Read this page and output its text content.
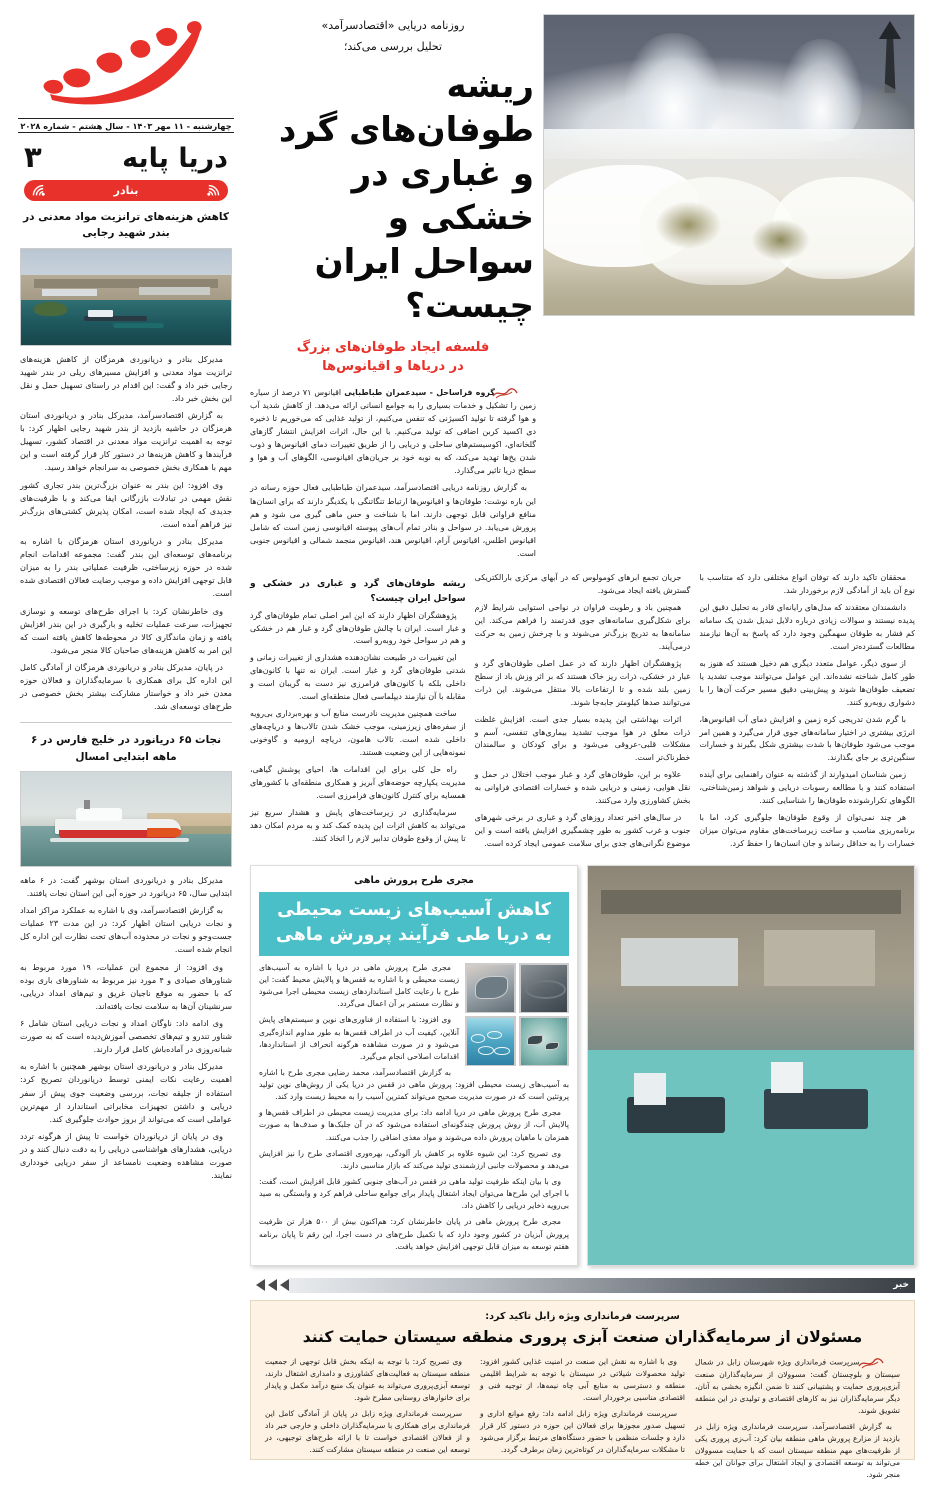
چهارشنبه - ۱۱ مهر ۱۴۰۳ - سال هشتم - شماره ۲۰۲۸
دریا پایه
۳
بنادر
کاهش هزینه‌های ترانزیت مواد معدنی در بندر شهید رجایی

مدیرکل بنادر و دریانوردی هرمزگان از کاهش هزینه‌های ترانزیت مواد معدنی و افزایش مسیرهای ریلی در بندر شهید رجایی خبر داد و گفت: این اقدام در راستای تسهیل حمل و نقل این بخش خبر داد.

به گزارش اقتصادسرآمد، مدیرکل بنادر و دریانوردی استان هرمزگان در حاشیه بازدید از بندر شهید رجایی اظهار کرد: با توجه به اهمیت ترانزیت مواد معدنی در اقتصاد کشور، تسهیل فرآیندها و کاهش هزینه‌ها در دستور کار قرار گرفته است و این مهم با همکاری بخش خصوصی به سرانجام خواهد رسید.

وی افزود: این بندر به عنوان بزرگ‌ترین بندر تجاری کشور نقش مهمی در تبادلات بازرگانی ایفا می‌کند و با ظرفیت‌های جدیدی که ایجاد شده است، امکان پذیرش کشتی‌های بزرگ‌تر نیز فراهم آمده است.

مدیرکل بنادر و دریانوردی استان هرمزگان با اشاره به برنامه‌های توسعه‌ای این بندر گفت: مجموعه اقدامات انجام شده در حوزه زیرساختی، ظرفیت عملیاتی بندر را به میزان قابل توجهی افزایش داده و موجب رضایت فعالان اقتصادی شده است.

وی خاطرنشان کرد: با اجرای طرح‌های توسعه و نوسازی تجهیزات، سرعت عملیات تخلیه و بارگیری در این بندر افزایش یافته و زمان ماندگاری کالا در محوطه‌ها کاهش یافته است که این امر به کاهش هزینه‌های صاحبان کالا منجر می‌شود.

در پایان، مدیرکل بنادر و دریانوردی هرمزگان از آمادگی کامل این اداره کل برای همکاری با سرمایه‌گذاران و فعالان حوزه معدن خبر داد و خواستار مشارکت بیشتر بخش خصوصی در طرح‌های توسعه‌ای شد.

نجات ۶۵ دریانورد در خلیج فارس در ۶ ماهه ابتدایی امسال

مدیرکل بنادر و دریانوردی استان بوشهر گفت: در ۶ ماهه ابتدایی سال، ۶۵ دریانورد در حوزه آبی این استان نجات یافتند.

به گزارش اقتصادسرآمد، وی با اشاره به عملکرد مراکز امداد و نجات دریایی استان اظهار کرد: در این مدت ۲۳ عملیات جست‌وجو و نجات در محدوده آب‌های تحت نظارت این اداره کل انجام شده است.

وی افزود: از مجموع این عملیات، ۱۹ مورد مربوط به شناورهای صیادی و ۴ مورد نیز مربوط به شناورهای باری بوده که با حضور به موقع ناجیان غریق و تیم‌های امداد دریایی، سرنشینان آن‌ها به سلامت نجات یافته‌اند.

وی ادامه داد: ناوگان امداد و نجات دریایی استان شامل ۶ شناور تندرو و تیم‌های تخصصی آموزش‌دیده است که به صورت شبانه‌روزی در آماده‌باش کامل قرار دارند.

مدیرکل بنادر و دریانوردی استان بوشهر همچنین با اشاره به اهمیت رعایت نکات ایمنی توسط دریانوردان تصریح کرد: استفاده از جلیقه نجات، بررسی وضعیت جوی پیش از سفر دریایی و داشتن تجهیزات مخابراتی استاندارد از مهم‌ترین عواملی است که می‌تواند از بروز حوادث جلوگیری کند.

وی در پایان از دریانوردان خواست تا پیش از هرگونه تردد دریایی، هشدارهای هواشناسی دریایی را به دقت دنبال کنند و در صورت مشاهده وضعیت نامساعد از سفر دریایی خودداری نمایند.

روزنامه دریایی «اقتصادسرآمد»
تحلیل بررسی می‌کند؛
ریشه طوفان‌های گرد
و غباری در خشکی و
سواحل ایران چیست؟
فلسفه ایجاد طوفان‌های بزرگ
در دریاها و اقیانوس‌ها

گروه فراساحل - سیدعمران طباطبایی اقیانوس ۷۱ درصد از سیاره زمین را تشکیل و خدمات بسیاری را به جوامع انسانی ارائه می‌دهد. از کاهش شدید آب و هوا گرفته تا تولید اکسیژنی که تنفس می‌کنیم، از تولید غذایی که می‌خوریم تا ذخیره دی اکسید کربن اضافی که تولید می‌کنیم. با این حال، اثرات افزایش انتشار گازهای گلخانه‌ای، اکوسیستم‌های ساحلی و دریایی را از طریق تغییرات دمای اقیانوس‌ها و ذوب شدن یخ‌ها تهدید می‌کند، که به نوبه خود بر جریان‌های اقیانوسی، الگوهای آب و هوا و سطح دریا تاثیر می‌گذارد.

به گزارش روزنامه دریایی اقتصادسرآمد، سیدعمران طباطبایی فعال حوزه رسانه در این باره نوشت: طوفان‌ها و اقیانوس‌ها ارتباط تنگاتنگی با یکدیگر دارند که برای انسان‌ها منافع فراوانی قابل توجهی دارند. اما با شناخت و حس ماهی گیری می شود و هم پرورش می‌یابد. در سواحل و بنادر تمام آب‌های پیوسته اقیانوسی زمین است که شامل اقیانوس اطلس، اقیانوس آرام، اقیانوس هند، اقیانوس منجمد شمالی و اقیانوس جنوبی است.

محققان تاکید دارند که توفان انواع مختلفی دارد که متناسب با نوع آن باید از آمادگی لازم برخوردار شد.

دانشمندان معتقدند که مدل‌های رایانه‌ای قادر به تحلیل دقیق این پدیده نیستند و سوالات زیادی درباره دلایل تبدیل شدن یک سامانه کم فشار به طوفان سهمگین وجود دارد که پاسخ به آن‌ها نیازمند مطالعات گسترده‌تر است.

از سوی دیگر، عوامل متعدد دیگری هم دخیل هستند که هنوز به طور کامل شناخته نشده‌اند. این عوامل می‌توانند موجب تشدید یا تضعیف طوفان‌ها شوند و پیش‌بینی دقیق مسیر حرکت آن‌ها را با دشواری روبه‌رو کنند.

با گرم شدن تدریجی کره زمین و افزایش دمای آب اقیانوس‌ها، انرژی بیشتری در اختیار سامانه‌های جوی قرار می‌گیرد و همین امر موجب می‌شود طوفان‌ها با شدت بیشتری شکل بگیرند و خسارات سنگین‌تری بر جای بگذارند.

زمین شناسان امیدوارند از گذشته به عنوان راهنمایی برای آینده استفاده کنند و با مطالعه رسوبات دریایی و شواهد زمین‌شناختی، الگوهای تکرارشونده طوفان‌ها را شناسایی کنند.

هر چند نمی‌توان از وقوع طوفان‌ها جلوگیری کرد، اما با برنامه‌ریزی مناسب و ساخت زیرساخت‌های مقاوم می‌توان میزان خسارات را به حداقل رساند و جان انسان‌ها را حفظ کرد.

جریان تجمع ابرهای کومولوس که در آبهای مرکزی بارالکتریکی گسترش یافته ایجاد می‌شود.

همچنین باد و رطوبت فراوان در نواحی استوایی شرایط لازم برای شکل‌گیری سامانه‌های جوی قدرتمند را فراهم می‌کند. این سامانه‌ها به تدریج بزرگ‌تر می‌شوند و با چرخش زمین به حرکت درمی‌آیند.

پژوهشگران اظهار دارند که در عمل اصلی طوفان‌های گرد و غبار در خشکی، ذرات ریز خاک هستند که بر اثر وزش باد از سطح زمین بلند شده و تا ارتفاعات بالا منتقل می‌شوند. این ذرات می‌توانند صدها کیلومتر جابه‌جا شوند.

اثرات بهداشتی این پدیده بسیار جدی است. افزایش غلظت ذرات معلق در هوا موجب تشدید بیماری‌های تنفسی، آسم و مشکلات قلبی-عروقی می‌شود و برای کودکان و سالمندان خطرناک‌تر است.

علاوه بر این، طوفان‌های گرد و غبار موجب اختلال در حمل و نقل هوایی، زمینی و دریایی شده و خسارات اقتصادی فراوانی به بخش کشاورزی وارد می‌کنند.

در سال‌های اخیر تعداد روزهای گرد و غباری در برخی شهرهای جنوب و غرب کشور به طور چشمگیری افزایش یافته است و این موضوع نگرانی‌های جدی برای سلامت عمومی ایجاد کرده است.

ریشه طوفان‌های گرد و غباری در خشکی و سواحل ایران چیست؟

پژوهشگران اظهار دارند که این امر اصلی تمام طوفان‌های گرد و غبار است. ایران با چالش طوفان‌های گرد و غبار هم در خشکی و هم در سواحل خود روبه‌رو است.

این تغییرات در طبیعت نشان‌دهنده هشداری از تغییرات زمانی و شدنی طوفان‌های گرد و غبار است. ایران نه تنها با کانون‌های داخلی بلکه با کانون‌های فرامرزی نیز دست به گریبان است و مقابله با آن نیازمند دیپلماسی فعال منطقه‌ای است.

ساخت همچنین مدیریت نادرست منابع آب و بهره‌برداری بی‌رویه از سفره‌های زیرزمینی، موجب خشک شدن تالاب‌ها و دریاچه‌های داخلی شده است. تالاب هامون، دریاچه ارومیه و گاوخونی نمونه‌هایی از این وضعیت هستند.

راه حل کلی برای این اقدامات ها، احیای پوشش گیاهی، مدیریت یکپارچه حوضه‌های آبریز و همکاری منطقه‌ای با کشورهای همسایه برای کنترل کانون‌های فرامرزی است.

سرمایه‌گذاری در زیرساخت‌های پایش و هشدار سریع نیز می‌تواند به کاهش اثرات این پدیده کمک کند و به مردم امکان دهد تا پیش از وقوع طوفان تدابیر لازم را اتخاذ کنند.

مجری طرح پرورش ماهی
کاهش آسیب‌های زیست محیطی
به دریا طی فرآیند پرورش ماهی

مجری طرح پرورش ماهی در دریا با اشاره به آسیب‌های زیست محیطی و با اشاره به قفس‌ها و پالایش محیط گفت: این طرح با رعایت کامل استانداردهای زیست محیطی اجرا می‌شود و نظارت مستمر بر آن اعمال می‌گردد.

وی افزود: با استفاده از فناوری‌های نوین و سیستم‌های پایش آنلاین، کیفیت آب در اطراف قفس‌ها به طور مداوم اندازه‌گیری می‌شود و در صورت مشاهده هرگونه انحراف از استانداردها، اقدامات اصلاحی انجام می‌گیرد.

به گزارش اقتصادسرآمد، محمد رضایی مجری طرح با اشاره به آسیب‌های زیست محیطی افزود: پرورش ماهی در قفس در دریا یکی از روش‌های نوین تولید پروتئین است که در صورت مدیریت صحیح می‌تواند کمترین آسیب را به محیط زیست وارد کند.

مجری طرح پرورش ماهی در دریا ادامه داد: برای مدیریت زیست محیطی در اطراف قفس‌ها و پالایش آب، از روش پرورش چندگونه‌ای استفاده می‌شود که در آن جلبک‌ها و صدف‌ها به صورت همزمان با ماهیان پرورش داده می‌شوند و مواد مغذی اضافی را جذب می‌کنند.

وی تصریح کرد: این شیوه علاوه بر کاهش بار آلودگی، بهره‌وری اقتصادی طرح را نیز افزایش می‌دهد و محصولات جانبی ارزشمندی تولید می‌کند که بازار مناسبی دارند.

وی با بیان اینکه ظرفیت تولید ماهی در قفس در آب‌های جنوبی کشور قابل افزایش است، گفت: با اجرای این طرح‌ها می‌توان ایجاد اشتغال پایدار برای جوامع ساحلی فراهم کرد و وابستگی به صید بی‌رویه ذخایر دریایی را کاهش داد.

مجری طرح پرورش ماهی در پایان خاطرنشان کرد: هم‌اکنون بیش از ۵۰۰ هزار تن ظرفیت پرورش آبزیان در کشور وجود دارد که با تکمیل طرح‌های در دست اجرا، این رقم تا پایان برنامه هفتم توسعه به میزان قابل توجهی افزایش خواهد یافت.

خبر
سرپرست فرمانداری ویژه زابل تاکید کرد:
مسئولان از سرمایه‌گذاران صنعت آبزی پروری منطقه سیستان حمایت کنند

سرپرست فرمانداری ویژه شهرستان زابل در شمال سیستان و بلوچستان گفت: مسوولان از سرمایه‌گذاران صنعت آبزی‌پروری حمایت و پشتیبانی کنند تا ضمن انگیزه بخشی به آنان، دیگر سرمایه‌گذاران نیز به کارهای اقتصادی و تولیدی در این منطقه تشویق شوند.

به گزارش اقتصادسرآمد، سرپرست فرمانداری ویژه زابل در بازدید از مزارع پرورش ماهی منطقه بیان کرد: آب‌زی پروری یکی از ظرفیت‌های مهم منطقه سیستان است که با حمایت مسوولان می‌تواند به توسعه اقتصادی و ایجاد اشتغال برای جوانان این خطه منجر شود.

وی با اشاره به نقش این صنعت در امنیت غذایی کشور افزود: تولید محصولات شیلاتی در سیستان با توجه به شرایط اقلیمی منطقه و دسترسی به منابع آبی چاه نیمه‌ها، از توجیه فنی و اقتصادی مناسبی برخوردار است.

سرپرست فرمانداری ویژه زابل ادامه داد: رفع موانع اداری و تسهیل صدور مجوزها برای فعالان این حوزه در دستور کار قرار دارد و جلسات منظمی با حضور دستگاه‌های مرتبط برگزار می‌شود تا مشکلات سرمایه‌گذاران در کوتاه‌ترین زمان برطرف گردد.

وی تصریح کرد: با توجه به اینکه بخش قابل توجهی از جمعیت منطقه سیستان به فعالیت‌های کشاورزی و دامداری اشتغال دارند، توسعه آبزی‌پروری می‌تواند به عنوان یک منبع درآمد مکمل و پایدار برای خانوارهای روستایی مطرح شود.

سرپرست فرمانداری ویژه زابل در پایان از آمادگی کامل این فرمانداری برای همکاری با سرمایه‌گذاران داخلی و خارجی خبر داد و از فعالان اقتصادی خواست تا با ارائه طرح‌های توجیهی، در توسعه این صنعت در منطقه سیستان مشارکت کنند.
